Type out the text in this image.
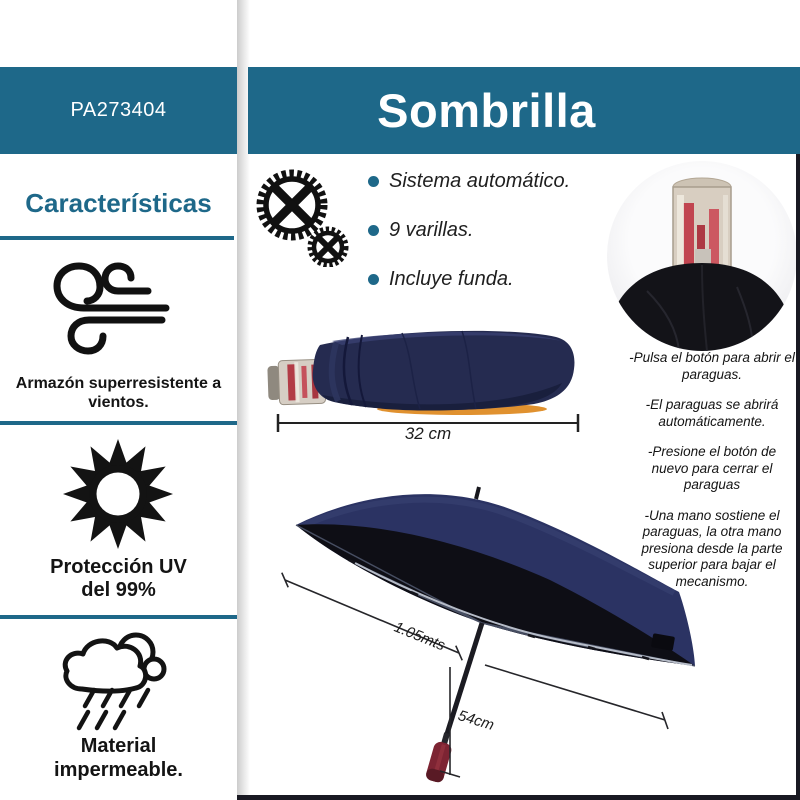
PA273404	Sombrilla
Características
Armazón superresistente a vientos.
Protección UV del 99%
Material impermeable.
Sistema automático.
9 varillas.
Incluye funda.
32 cm

-Pulsa el botón para abrir el paraguas.

-El paraguas se abrirá automáticamente.

-Presione el botón de nuevo para cerrar el paraguas

-Una mano sostiene el paraguas, la otra mano presiona desde la parte superior para bajar el mecanismo.

1.05mts
54cm
